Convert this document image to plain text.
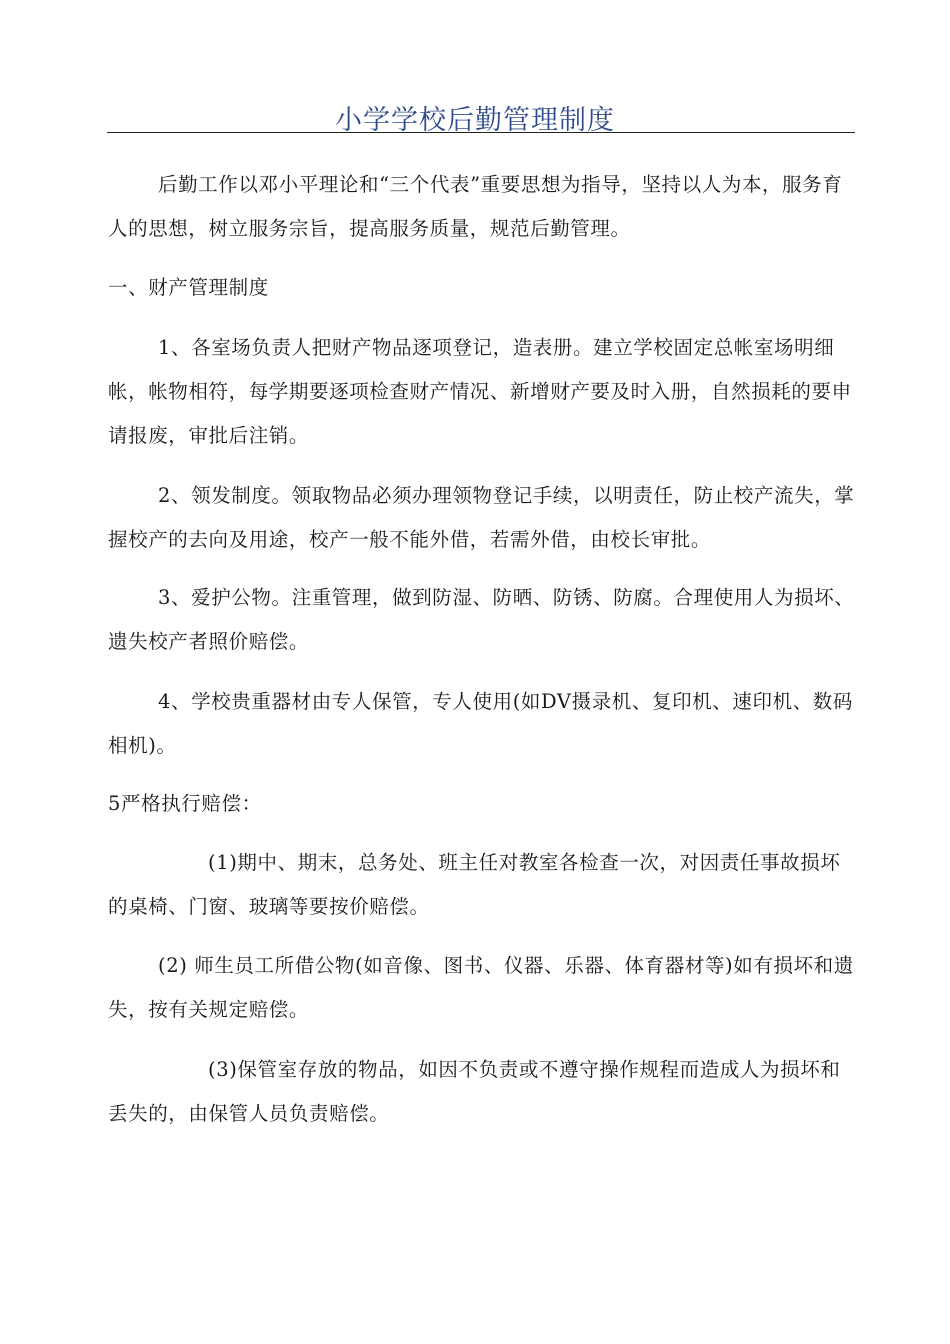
小学学校后勤管理制度

后勤工作以邓小平理论和“三个代表”重要思想为指导，坚持以人为本，服务育人的思想，树立服务宗旨，提高服务质量，规范后勤管理。

一、财产管理制度

1、各室场负责人把财产物品逐项登记，造表册。建立学校固定总帐室场明细帐，帐物相符，每学期要逐项检查财产情况、新增财产要及时入册，自然损耗的要申请报废，审批后注销。

2、领发制度。领取物品必须办理领物登记手续，以明责任，防止校产流失，掌握校产的去向及用途，校产一般不能外借，若需外借，由校长审批。

3、爱护公物。注重管理，做到防湿、防晒、防锈、防腐。合理使用人为损坏、遗失校产者照价赔偿。

4、学校贵重器材由专人保管，专人使用(如DV摄录机、复印机、速印机、数码相机)。

5严格执行赔偿：

(1)期中、期末，总务处、班主任对教室各检查一次，对因责任事故损坏的桌椅、门窗、玻璃等要按价赔偿。

(2) 师生员工所借公物(如音像、图书、仪器、乐器、体育器材等)如有损坏和遗失，按有关规定赔偿。

(3)保管室存放的物品，如因不负责或不遵守操作规程而造成人为损坏和丢失的，由保管人员负责赔偿。
